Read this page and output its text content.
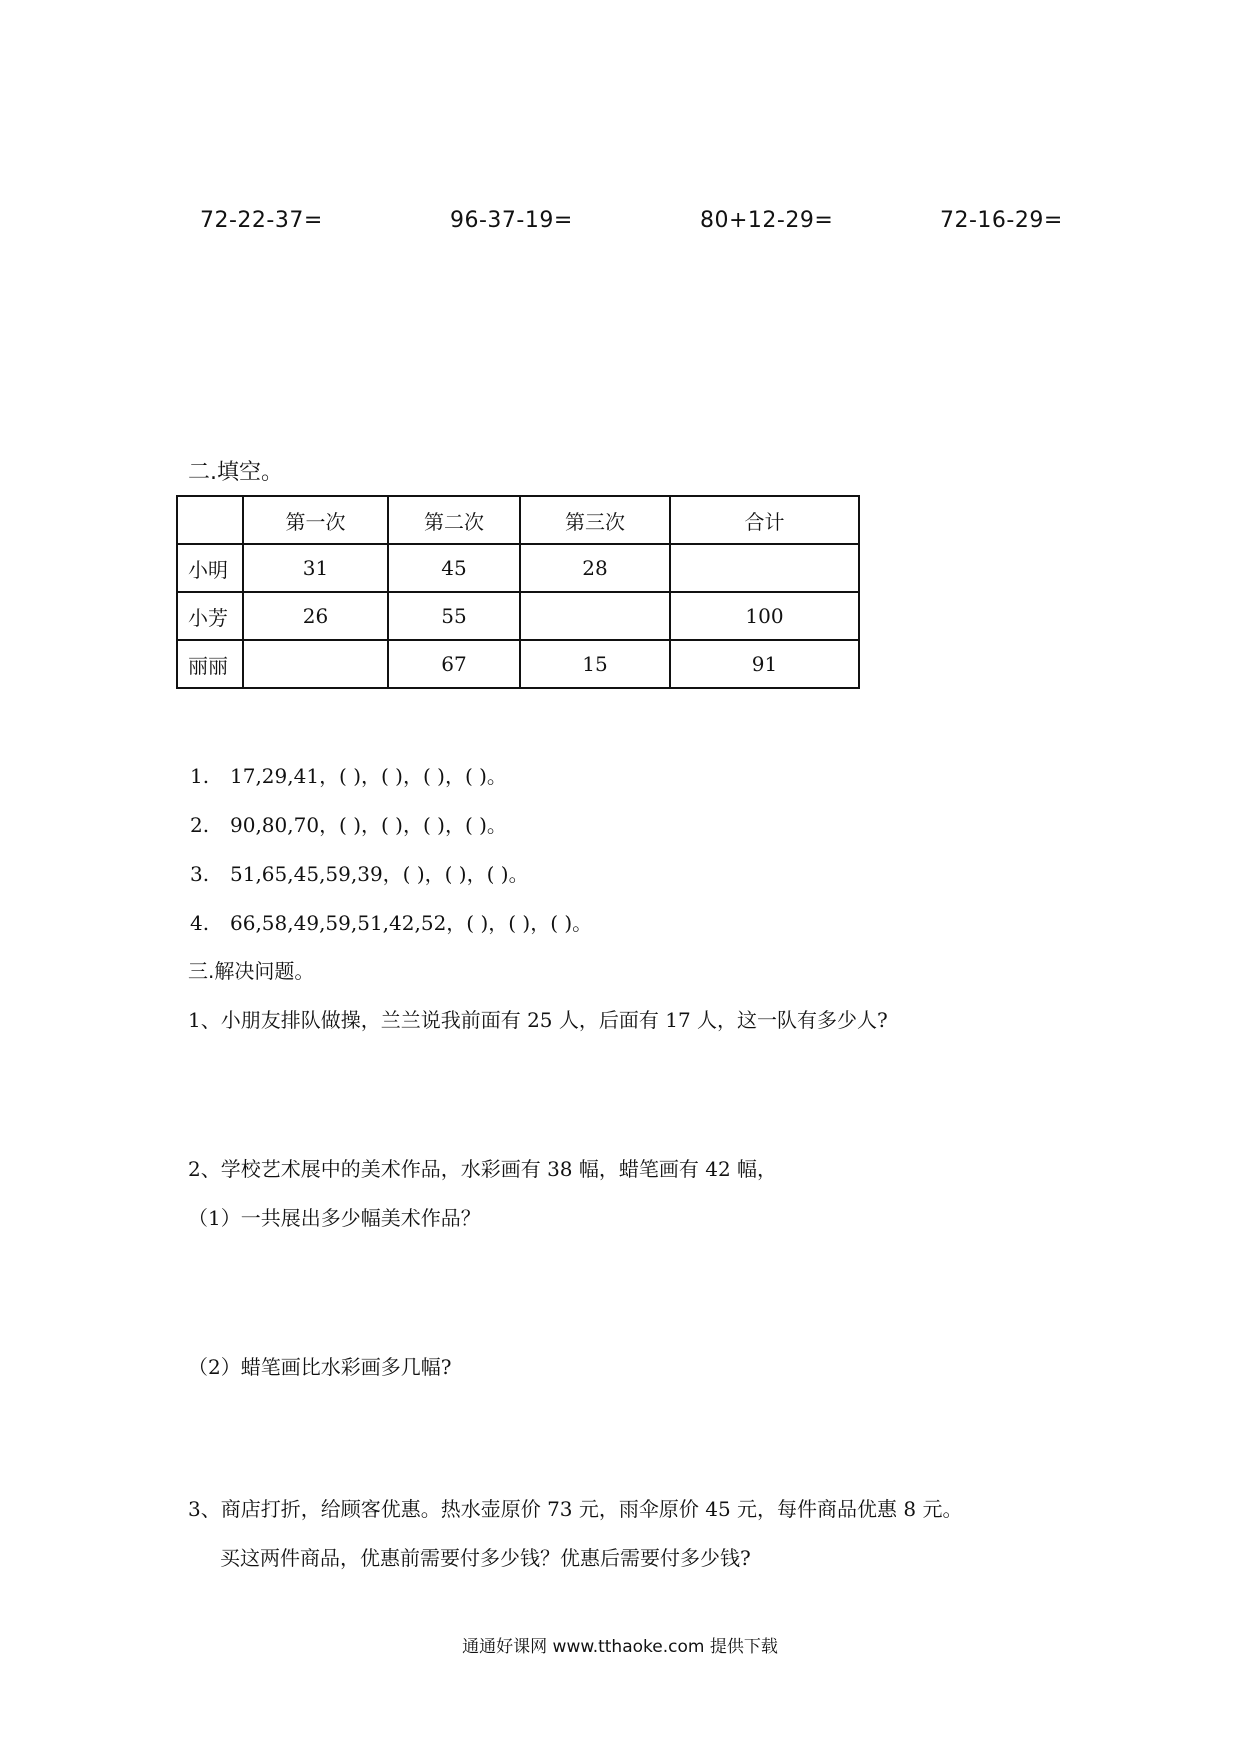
72-22-37=	96-37-19=	80+12-29=	72-16-29=
二.填空。
	第一次	第二次	第三次	合计
小明	31	45	28	
小芳	26	55		100
丽丽		67	15	91
1. 17,29,41，( )，( )，( )，( )。
2. 90,80,70，( )，( )，( )，( )。
3. 51,65,45,59,39，( )，( )，( )。
4. 66,58,49,59,51,42,52，( )，( )，( )。
三.解决问题。
1、小朋友排队做操，兰兰说我前面有 25 人，后面有 17 人，这一队有多少人?
2、学校艺术展中的美术作品，水彩画有 38 幅，蜡笔画有 42 幅，
（1）一共展出多少幅美术作品？
（2）蜡笔画比水彩画多几幅?
3、商店打折，给顾客优惠。热水壶原价 73 元，雨伞原价 45 元，每件商品优惠 8 元。
买这两件商品，优惠前需要付多少钱？优惠后需要付多少钱?
通通好课网 www.tthaoke.com 提供下载
